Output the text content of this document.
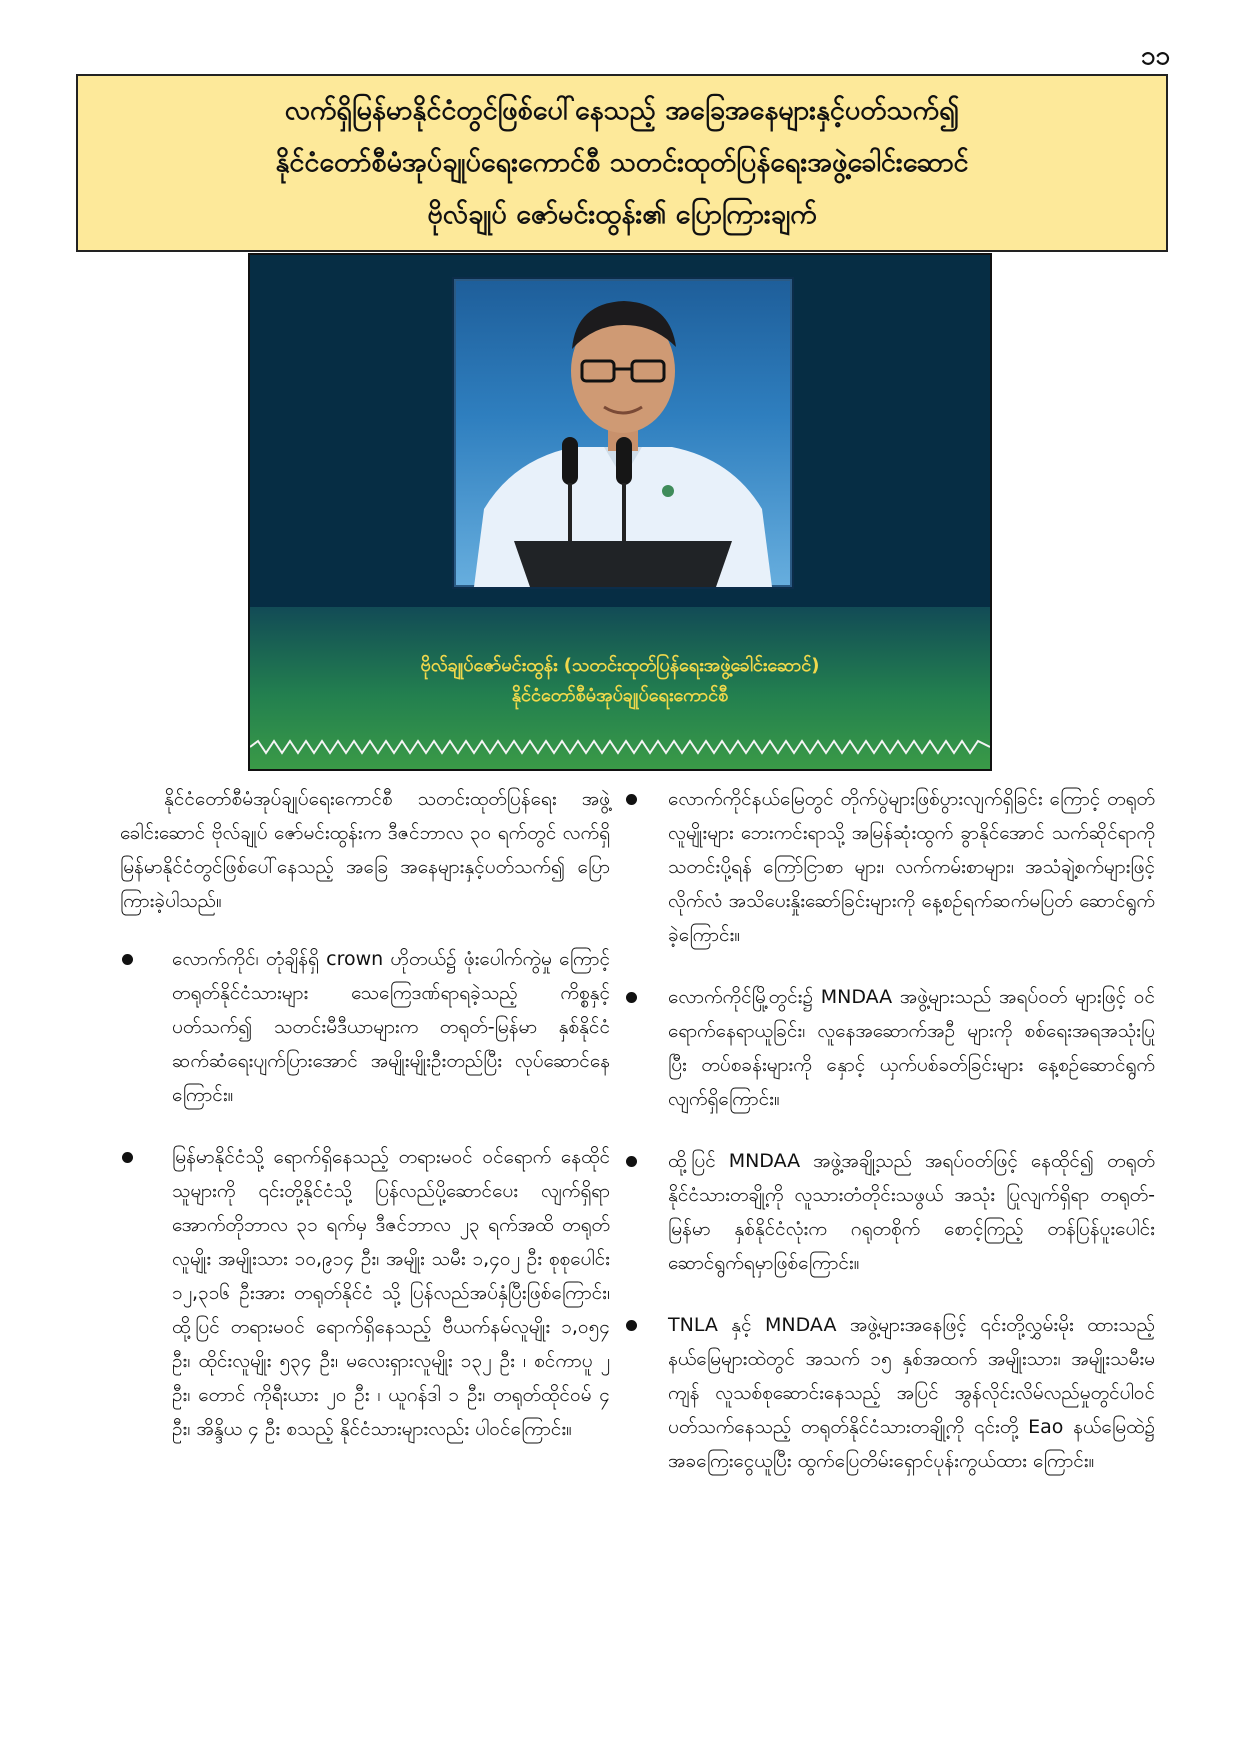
၁၁
လက်ရှိမြန်မာနိုင်ငံတွင်ဖြစ်ပေါ်နေသည့် အခြေအနေများနှင့်ပတ်သက်၍
နိုင်ငံတော်စီမံအုပ်ချုပ်ရေးကောင်စီ သတင်းထုတ်ပြန်ရေးအဖွဲ့ခေါင်းဆောင်
ဗိုလ်ချုပ် ဇော်မင်းထွန်း၏ ပြောကြားချက်
ဗိုလ်ချုပ်ဇော်မင်းထွန်း (သတင်းထုတ်ပြန်ရေးအဖွဲ့ခေါင်းဆောင်)
နိုင်ငံတော်စီမံအုပ်ချုပ်ရေးကောင်စီ

နိုင်ငံတော်စီမံအုပ်ချုပ်ရေးကောင်စီ သတင်းထုတ်ပြန်ရေး အဖွဲ့ခေါင်းဆောင် ဗိုလ်ချုပ် ဇော်မင်းထွန်းက ဒီဇင်ဘာလ ၃၀ ရက်တွင် လက်ရှိမြန်မာနိုင်ငံတွင်ဖြစ်ပေါ်နေသည့် အခြေ အနေများနှင့်ပတ်သက်၍ ပြောကြားခဲ့ပါသည်။

လောက်ကိုင်၊ တုံချိန်ရှိ crown ဟိုတယ်၌ ဖုံးပေါက်ကွဲမှု ကြောင့် တရုတ်နိုင်ငံသားများ သေကြေဒဏ်ရာရခဲ့သည့် ကိစ္စနှင့်ပတ်သက်၍ သတင်းမီဒီယာများက တရုတ်-မြန်မာ နှစ်နိုင်ငံဆက်ဆံရေးပျက်ပြားအောင် အမျိုးမျိုးဦးတည်ပြီး လုပ်ဆောင်နေကြောင်း။
မြန်မာနိုင်ငံသို့ ရောက်ရှိနေသည့် တရားမဝင် ဝင်ရောက် နေထိုင်သူများကို ၎င်းတို့နိုင်ငံသို့ ပြန်လည်ပို့ဆောင်ပေး လျက်ရှိရာ အောက်တိုဘာလ ၃၁ ရက်မှ ဒီဇင်ဘာလ ၂၃ ရက်အထိ တရုတ်လူမျိုး အမျိုးသား ၁၀,၉၁၄ ဦး၊ အမျိုး သမီး ၁,၄၀၂ ဦး စုစုပေါင်း ၁၂,၃၁၆ ဦးအား တရုတ်နိုင်ငံ သို့ ပြန်လည်အပ်နှံပြီးဖြစ်ကြောင်း၊ ထို့ပြင် တရားမဝင် ရောက်ရှိနေသည့် ဗီယက်နမ်လူမျိုး ၁,၀၅၄ ဦး၊ ထိုင်းလူမျိုး ၅၃၄ ဦး၊ မလေးရှားလူမျိုး ၁၃၂ ဦး ၊ စင်ကာပူ ၂ ဦး၊ တောင် ကိုရီးယား ၂၀ ဦး ၊ ယူဂန်ဒါ ၁ ဦး၊ တရုတ်ထိုင်ဝမ် ၄ ဦး၊ အိန္ဒိယ ၄ ဦး စသည့် နိုင်ငံသားများလည်း ပါဝင်ကြောင်း။
လောက်ကိုင်နယ်မြေတွင် တိုက်ပွဲများဖြစ်ပွားလျက်ရှိခြင်း ကြောင့် တရုတ်လူမျိုးများ ဘေးကင်းရာသို့ အမြန်ဆုံးထွက် ခွာနိုင်အောင် သက်ဆိုင်ရာကို သတင်းပို့ရန် ကြော်ငြာစာ များ၊ လက်ကမ်းစာများ၊ အသံချဲ့စက်များဖြင့် လိုက်လံ အသိပေးနှိုးဆော်ခြင်းများကို နေ့စဉ်ရက်ဆက်မပြတ် ဆောင်ရွက်ခဲ့ကြောင်း။
လောက်ကိုင်မြို့တွင်း၌ MNDAA အဖွဲ့များသည် အရပ်ဝတ် များဖြင့် ဝင်ရောက်နေရာယူခြင်း၊ လူနေအဆောက်အဦ များကို စစ်ရေးအရအသုံးပြုပြီး တပ်စခန်းများကို နှောင့် ယှက်ပစ်ခတ်ခြင်းများ နေ့စဉ်ဆောင်ရွက်လျက်ရှိကြောင်း။
ထို့ပြင် MNDAA အဖွဲ့အချို့သည် အရပ်ဝတ်ဖြင့် နေထိုင်၍ တရုတ်နိုင်ငံသားတချို့ကို လူသားတံတိုင်းသဖွယ် အသုံး ပြုလျက်ရှိရာ တရုတ်-မြန်မာ နှစ်နိုင်ငံလုံးက ဂရုတစိုက် စောင့်ကြည့် တန်ပြန်ပူးပေါင်းဆောင်ရွက်ရမှာဖြစ်ကြောင်း။
TNLA နှင့် MNDAA အဖွဲ့များအနေဖြင့် ၎င်းတို့လွှမ်းမိုး ထားသည့် နယ်မြေများထဲတွင် အသက် ၁၅ နှစ်အထက် အမျိုးသား၊ အမျိုးသမီးမကျန် လူသစ်စုဆောင်းနေသည့် အပြင် အွန်လိုင်းလိမ်လည်မှုတွင်ပါဝင်ပတ်သက်နေသည့် တရုတ်နိုင်ငံသားတချို့ကို ၎င်းတို့ Eao နယ်မြေထဲ၌ အခကြေးငွေယူပြီး ထွက်ပြေတိမ်းရှောင်ပုန်းကွယ်ထား ကြောင်း။
